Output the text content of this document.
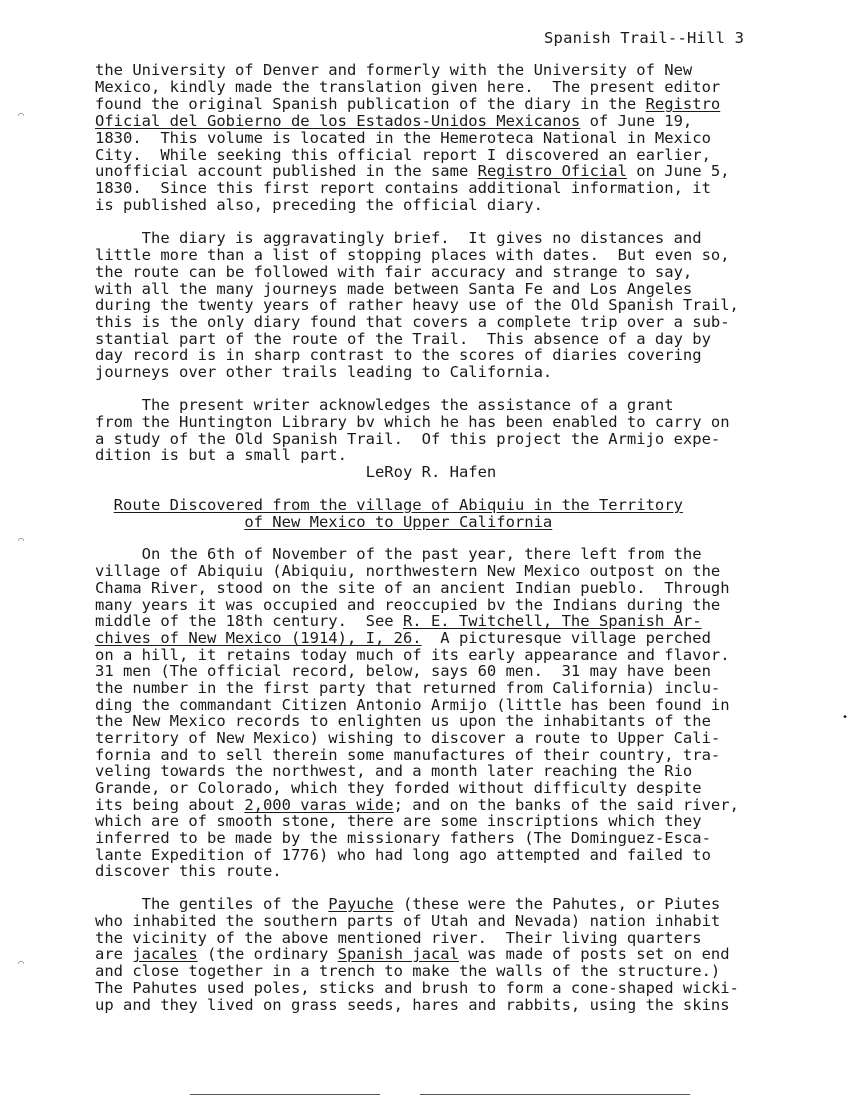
Spanish Trail--Hill 3
the University of Denver and formerly with the University of New
Mexico, kindly made the translation given here.  The present editor
found the original Spanish publication of the diary in the Registro
Oficial del Gobierno de los Estados-Unidos Mexicanos of June 19,
1830.  This volume is located in the Hemeroteca National in Mexico
City.  While seeking this official report I discovered an earlier,
unofficial account published in the same Registro Oficial on June 5,
1830.  Since this first report contains additional information, it
is published also, preceding the official diary.
The diary is aggravatingly brief.  It gives no distances and
little more than a list of stopping places with dates.  But even so,
the route can be followed with fair accuracy and strange to say,
with all the many journeys made between Santa Fe and Los Angeles
during the twenty years of rather heavy use of the Old Spanish Trail,
this is the only diary found that covers a complete trip over a sub-
stantial part of the route of the Trail.  This absence of a day by
day record is in sharp contrast to the scores of diaries covering
journeys over other trails leading to California.
The present writer acknowledges the assistance of a grant
from the Huntington Library bv which he has been enabled to carry on
a study of the Old Spanish Trail.  Of this project the Armijo expe-
dition is but a small part.
LeRoy R. Hafen
Route Discovered from the village of Abiquiu in the Territory
of New Mexico to Upper California
On the 6th of November of the past year, there left from the
village of Abiquiu (Abiquiu, northwestern New Mexico outpost on the
Chama River, stood on the site of an ancient Indian pueblo.  Through
many years it was occupied and reoccupied bv the Indians during the
middle of the 18th century.  See R. E. Twitchell, The Spanish Ar-
chives of New Mexico (1914), I, 26.  A picturesque village perched
on a hill, it retains today much of its early appearance and flavor.
31 men (The official record, below, says 60 men.  31 may have been
the number in the first party that returned from California) inclu-
ding the commandant Citizen Antonio Armijo (little has been found in
the New Mexico records to enlighten us upon the inhabitants of the
territory of New Mexico) wishing to discover a route to Upper Cali-
fornia and to sell therein some manufactures of their country, tra-
veling towards the northwest, and a month later reaching the Rio
Grande, or Colorado, which they forded without difficulty despite
its being about 2,000 varas wide; and on the banks of the said river,
which are of smooth stone, there are some inscriptions which they
inferred to be made by the missionary fathers (The Dominguez-Esca-
lante Expedition of 1776) who had long ago attempted and failed to
discover this route.
The gentiles of the Payuche (these were the Pahutes, or Piutes
who inhabited the southern parts of Utah and Nevada) nation inhabit
the vicinity of the above mentioned river.  Their living quarters
are jacales (the ordinary Spanish jacal was made of posts set on end
and close together in a trench to make the walls of the structure.)
The Pahutes used poles, sticks and brush to form a cone-shaped wicki-
up and they lived on grass seeds, hares and rabbits, using the skins
⌒
⌒
⌒
•
